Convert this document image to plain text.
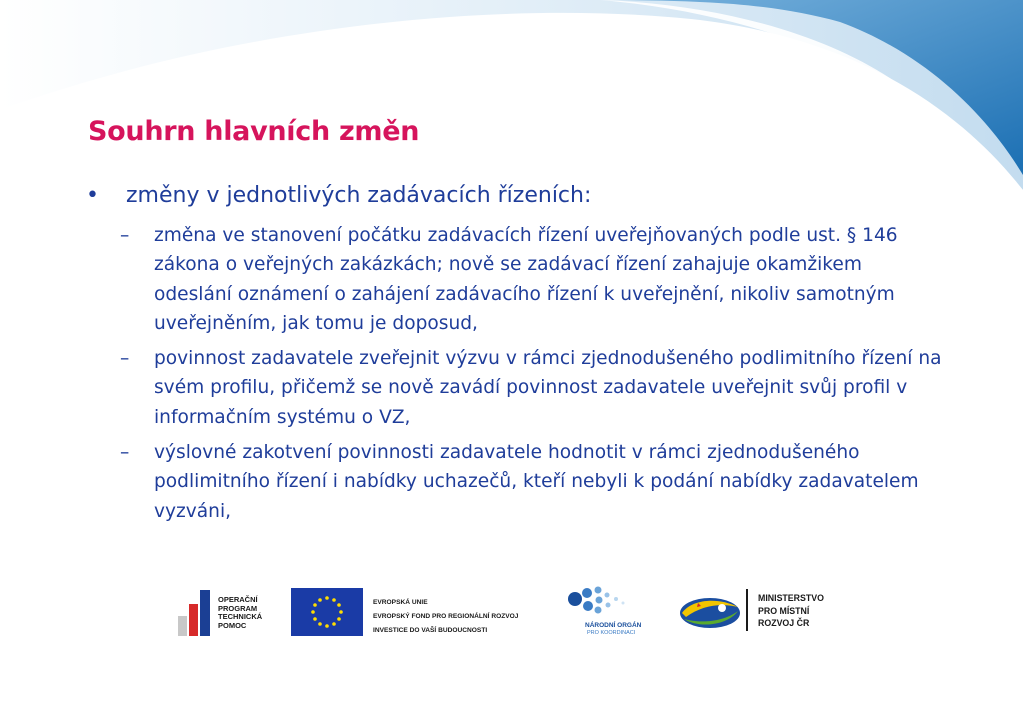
Souhrn hlavních změn
•	změny v jednotlivých zadávacích řízeních:
–	změna ve stanovení počátku zadávacích řízení uveřejňovaných podle ust. § 146 zákona o veřejných zakázkách; nově se zadávací řízení zahajuje okamžikem odeslání oznámení o zahájení zadávacího řízení k uveřejnění, nikoliv samotným uveřejněním, jak tomu je doposud,
–	povinnost zadavatele zveřejnit výzvu v rámci zjednodušeného podlimitního řízení na svém profilu, přičemž se nově zavádí povinnost zadavatele uveřejnit svůj profil v informačním systému o VZ,
–	výslovné zakotvení povinnosti zadavatele hodnotit v rámci zjednodušeného podlimitního řízení i nabídky uchazečů, kteří nebyli k podání nabídky zadavatelem vyzváni,
OPERAČNÍ
PROGRAM
TECHNICKÁ
POMOC
EVROPSKÁ UNIE
EVROPSKÝ FOND PRO REGIONÁLNÍ ROZVOJ
INVESTICE DO VAŠÍ BUDOUCNOSTI
NÁRODNÍ ORGÁN
PRO KOORDINACI
MINISTERSTVO
PRO MÍSTNÍ
ROZVOJ ČR
